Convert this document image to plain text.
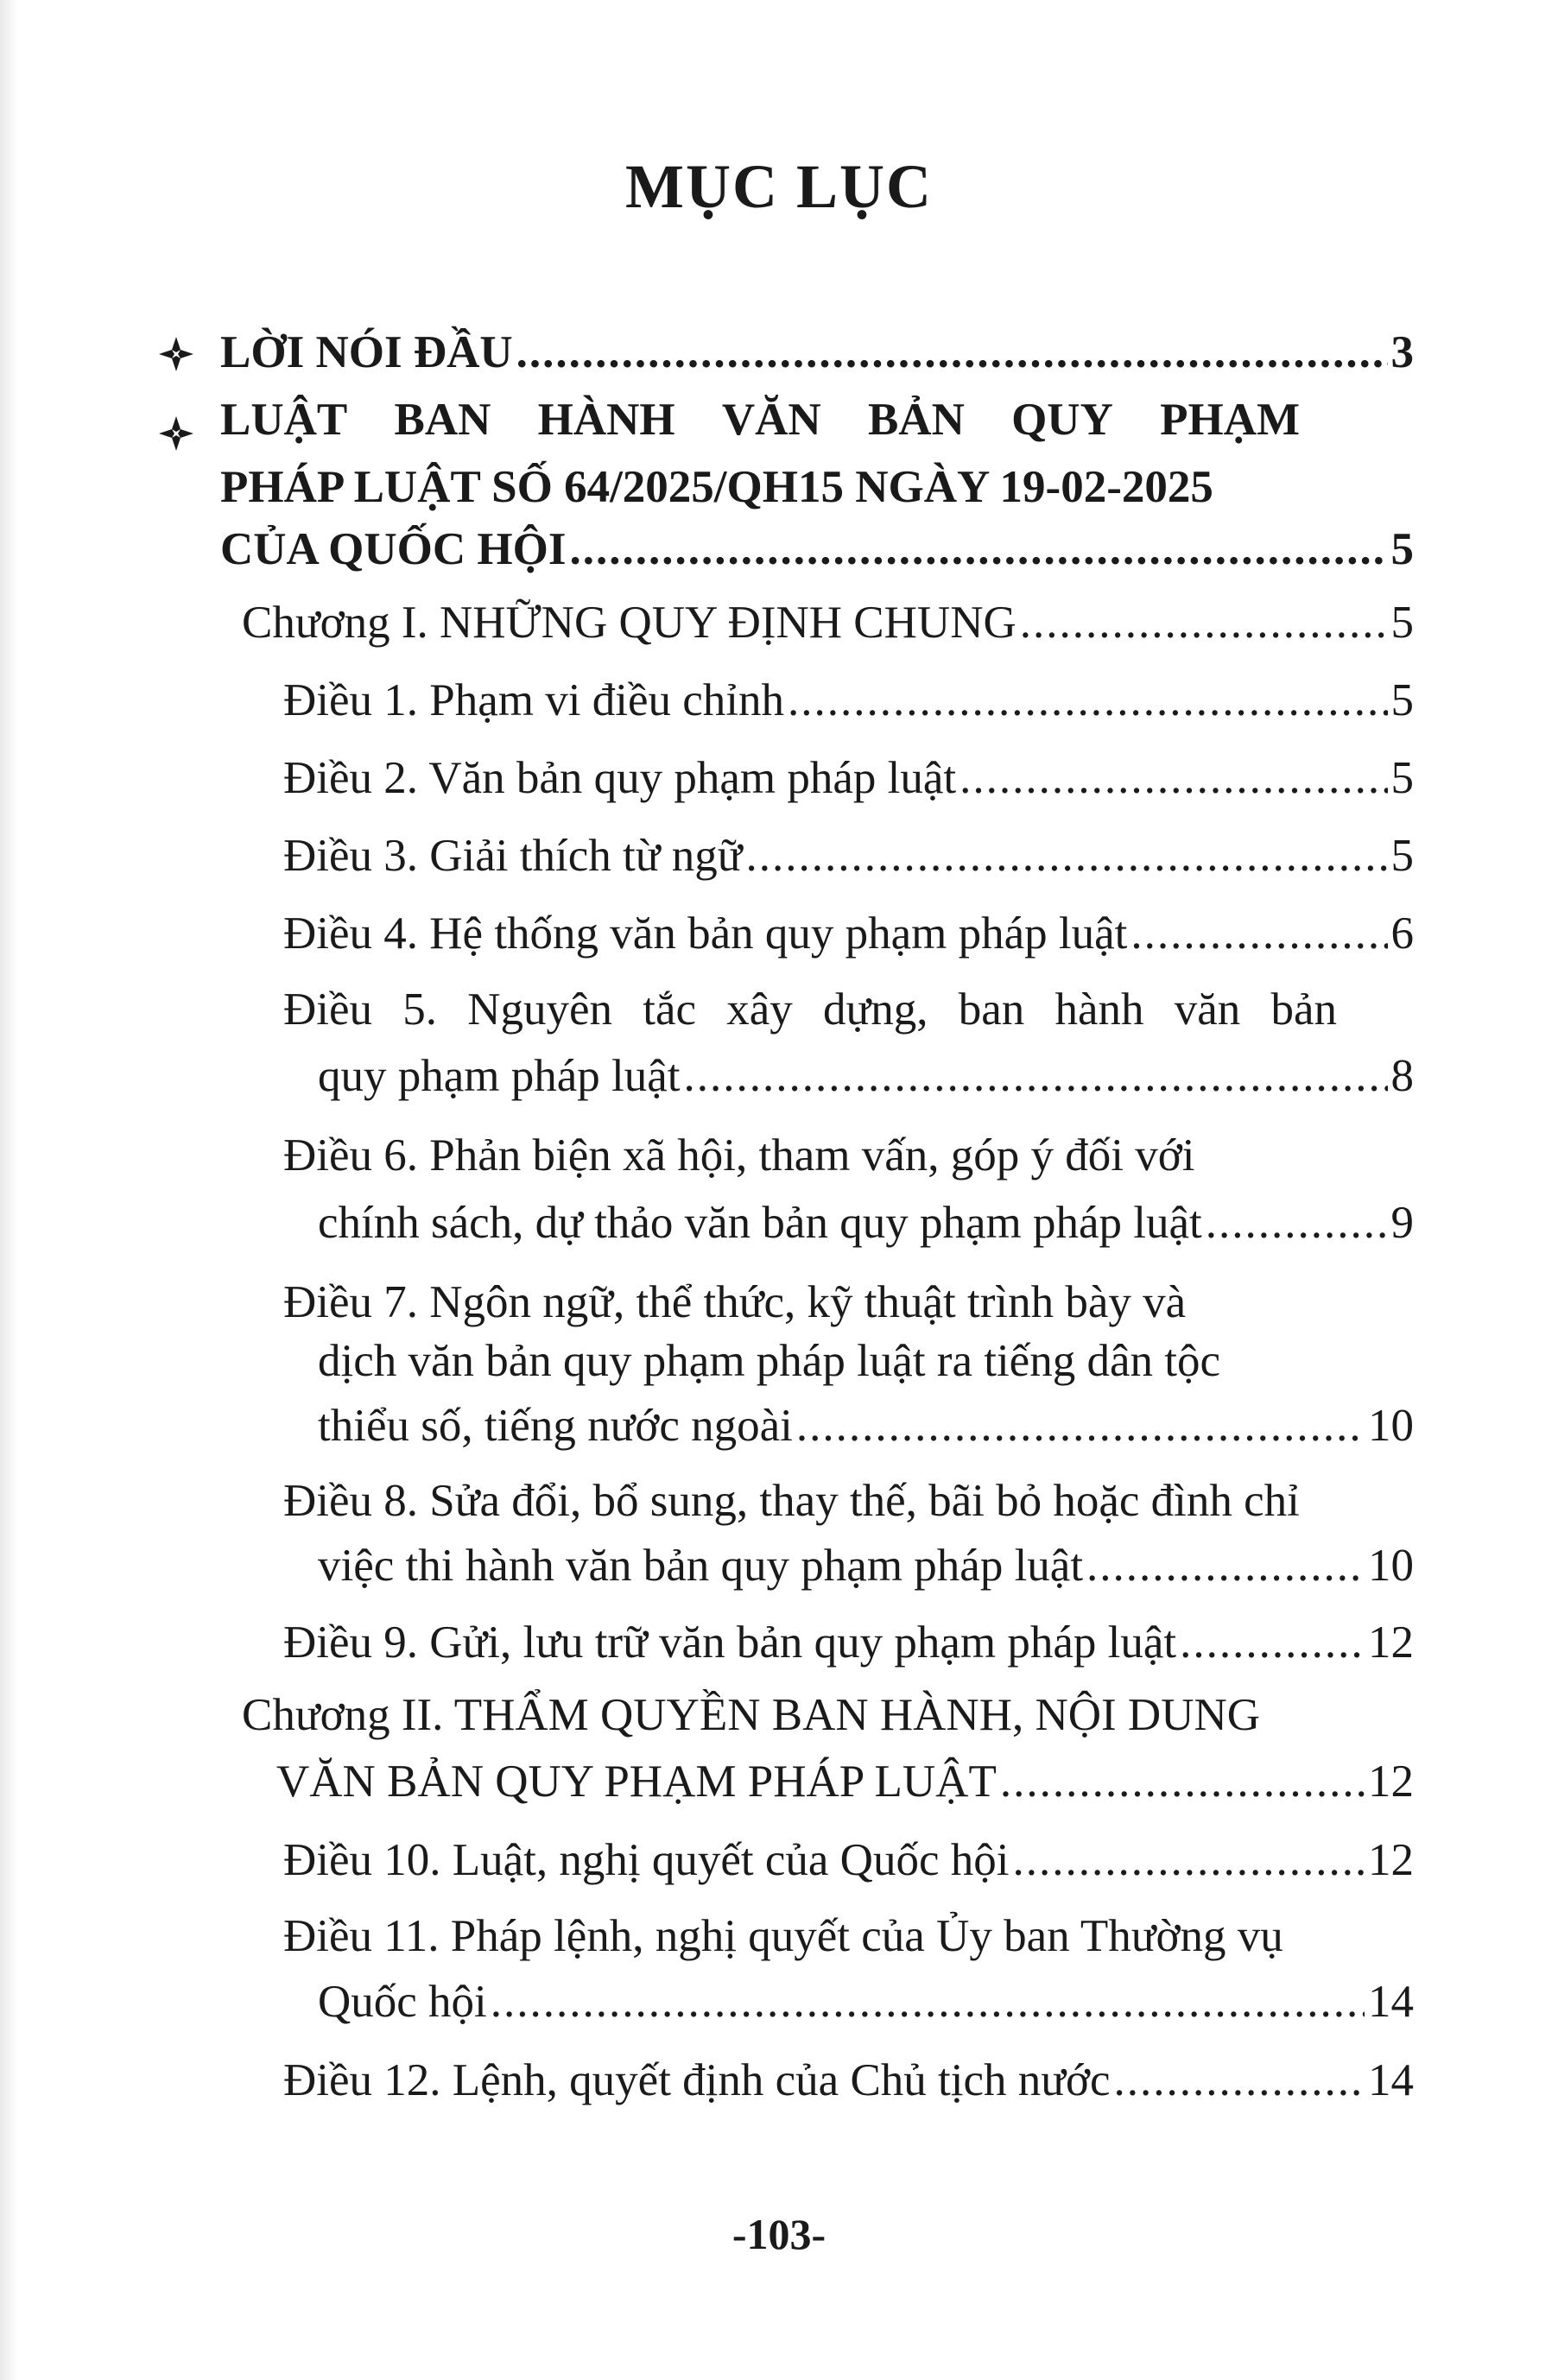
MỤC LỤC
LỜI NÓI ĐẦU .....	3
LUẬT BAN HÀNH VĂN BẢN QUY PHẠM
PHÁP LUẬT SỐ 64/2025/QH15 NGÀY 19-02-2025
CỦA QUỐC HỘI .....	5
Chương I. NHỮNG QUY ĐỊNH CHUNG .....	5
Điều 1. Phạm vi điều chỉnh .....	5
Điều 2. Văn bản quy phạm pháp luật .....	5
Điều 3. Giải thích từ ngữ .....	5
Điều 4. Hệ thống văn bản quy phạm pháp luật .....	6
Điều 5. Nguyên tắc xây dựng, ban hành văn bản
quy phạm pháp luật .....	8
Điều 6. Phản biện xã hội, tham vấn, góp ý đối với
chính sách, dự thảo văn bản quy phạm pháp luật .....	9
Điều 7. Ngôn ngữ, thể thức, kỹ thuật trình bày và
dịch văn bản quy phạm pháp luật ra tiếng dân tộc
thiểu số, tiếng nước ngoài .....	10
Điều 8. Sửa đổi, bổ sung, thay thế, bãi bỏ hoặc đình chỉ
việc thi hành văn bản quy phạm pháp luật .....	10
Điều 9. Gửi, lưu trữ văn bản quy phạm pháp luật .....	12
Chương II. THẨM QUYỀN BAN HÀNH, NỘI DUNG
VĂN BẢN QUY PHẠM PHÁP LUẬT .....	12
Điều 10. Luật, nghị quyết của Quốc hội .....	12
Điều 11. Pháp lệnh, nghị quyết của Ủy ban Thường vụ
Quốc hội .....	14
Điều 12. Lệnh, quyết định của Chủ tịch nước .....	14
-103-
